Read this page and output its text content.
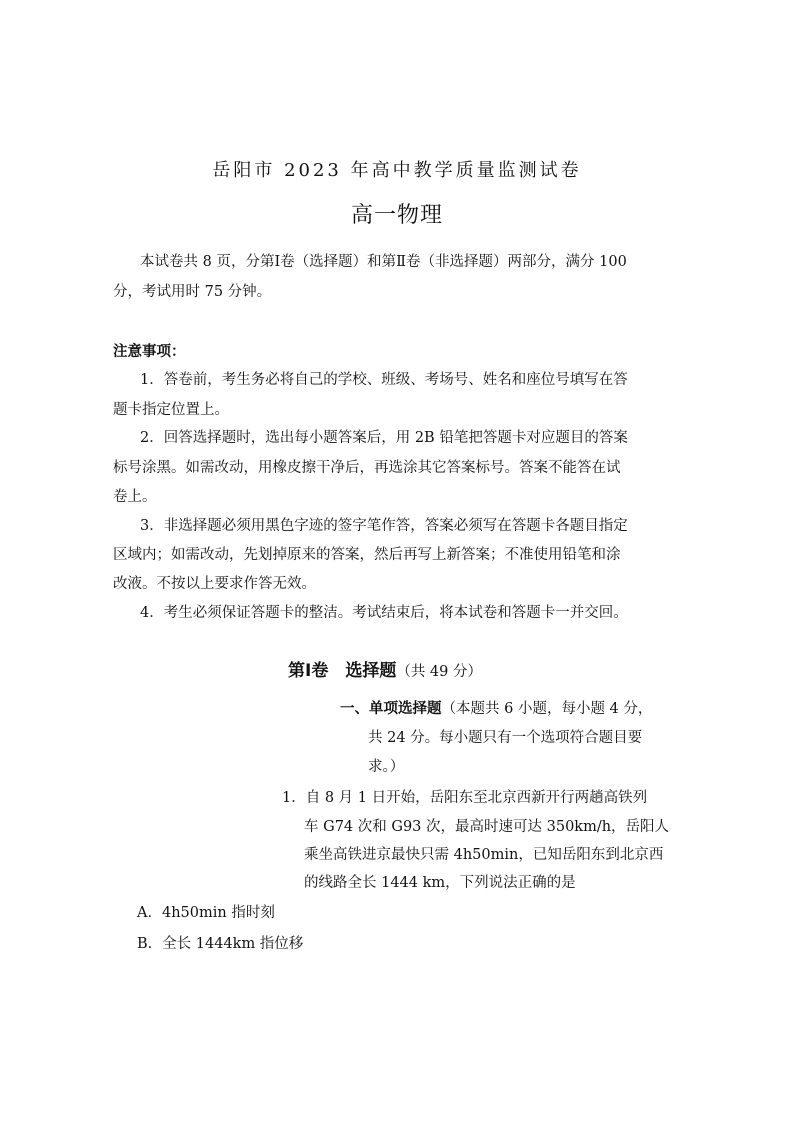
岳阳市 2023 年高中教学质量监测试卷
高一物理
本试卷共 8 页，分第Ⅰ卷（选择题）和第Ⅱ卷（非选择题）两部分，满分 100
分，考试用时 75 分钟。
注意事项：
1．答卷前，考生务必将自己的学校、班级、考场号、姓名和座位号填写在答
题卡指定位置上。
2．回答选择题时，选出每小题答案后，用 2B 铅笔把答题卡对应题目的答案
标号涂黑。如需改动，用橡皮擦干净后，再选涂其它答案标号。答案不能答在试
卷上。
3．非选择题必须用黑色字迹的签字笔作答，答案必须写在答题卡各题目指定
区域内；如需改动，先划掉原来的答案，然后再写上新答案；不准使用铅笔和涂
改液。不按以上要求作答无效。
4．考生必须保证答题卡的整洁。考试结束后，将本试卷和答题卡一并交回。
第Ⅰ卷　选择题（共 49 分）
一、单项选择题（本题共 6 小题，每小题 4 分，
共 24 分。每小题只有一个选项符合题目要
求。）
1．自 8 月 1 日开始，岳阳东至北京西新开行两趟高铁列
车 G74 次和 G93 次，最高时速可达 350km/h，岳阳人
乘坐高铁进京最快只需 4h50min，已知岳阳东到北京西
的线路全长 1444 km，下列说法正确的是
A．4h50min 指时刻
B．全长 1444km 指位移
